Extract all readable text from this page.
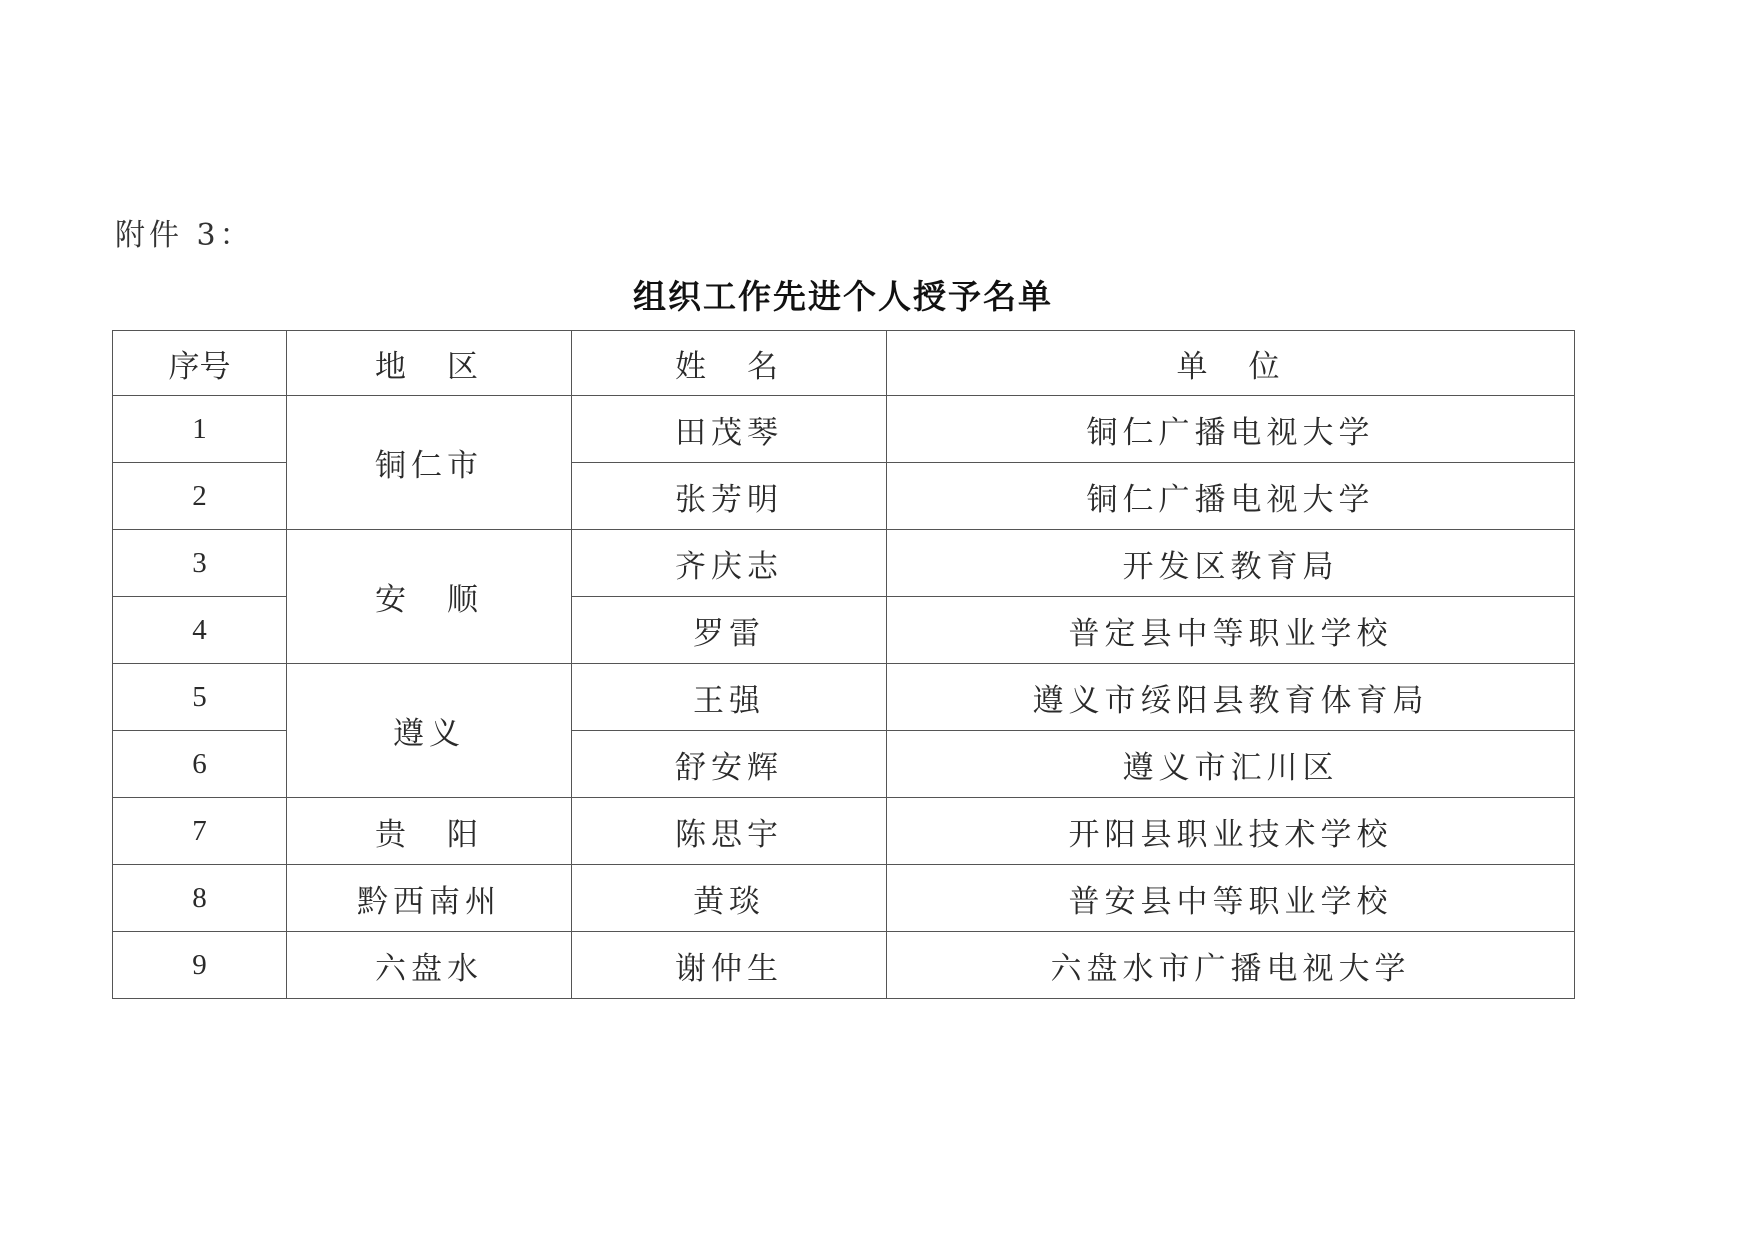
附件 3：
组织工作先进个人授予名单
序号	地　区	姓　名	单　位
1	铜仁市	田茂琴	铜仁广播电视大学
2		张芳明	铜仁广播电视大学
3	安　顺	齐庆志	开发区教育局
4		罗雷	普定县中等职业学校
5	遵义	王强	遵义市绥阳县教育体育局
6		舒安辉	遵义市汇川区
7	贵　阳	陈思宇	开阳县职业技术学校
8	黔西南州	黄琰	普安县中等职业学校
9	六盘水	谢仲生	六盘水市广播电视大学
